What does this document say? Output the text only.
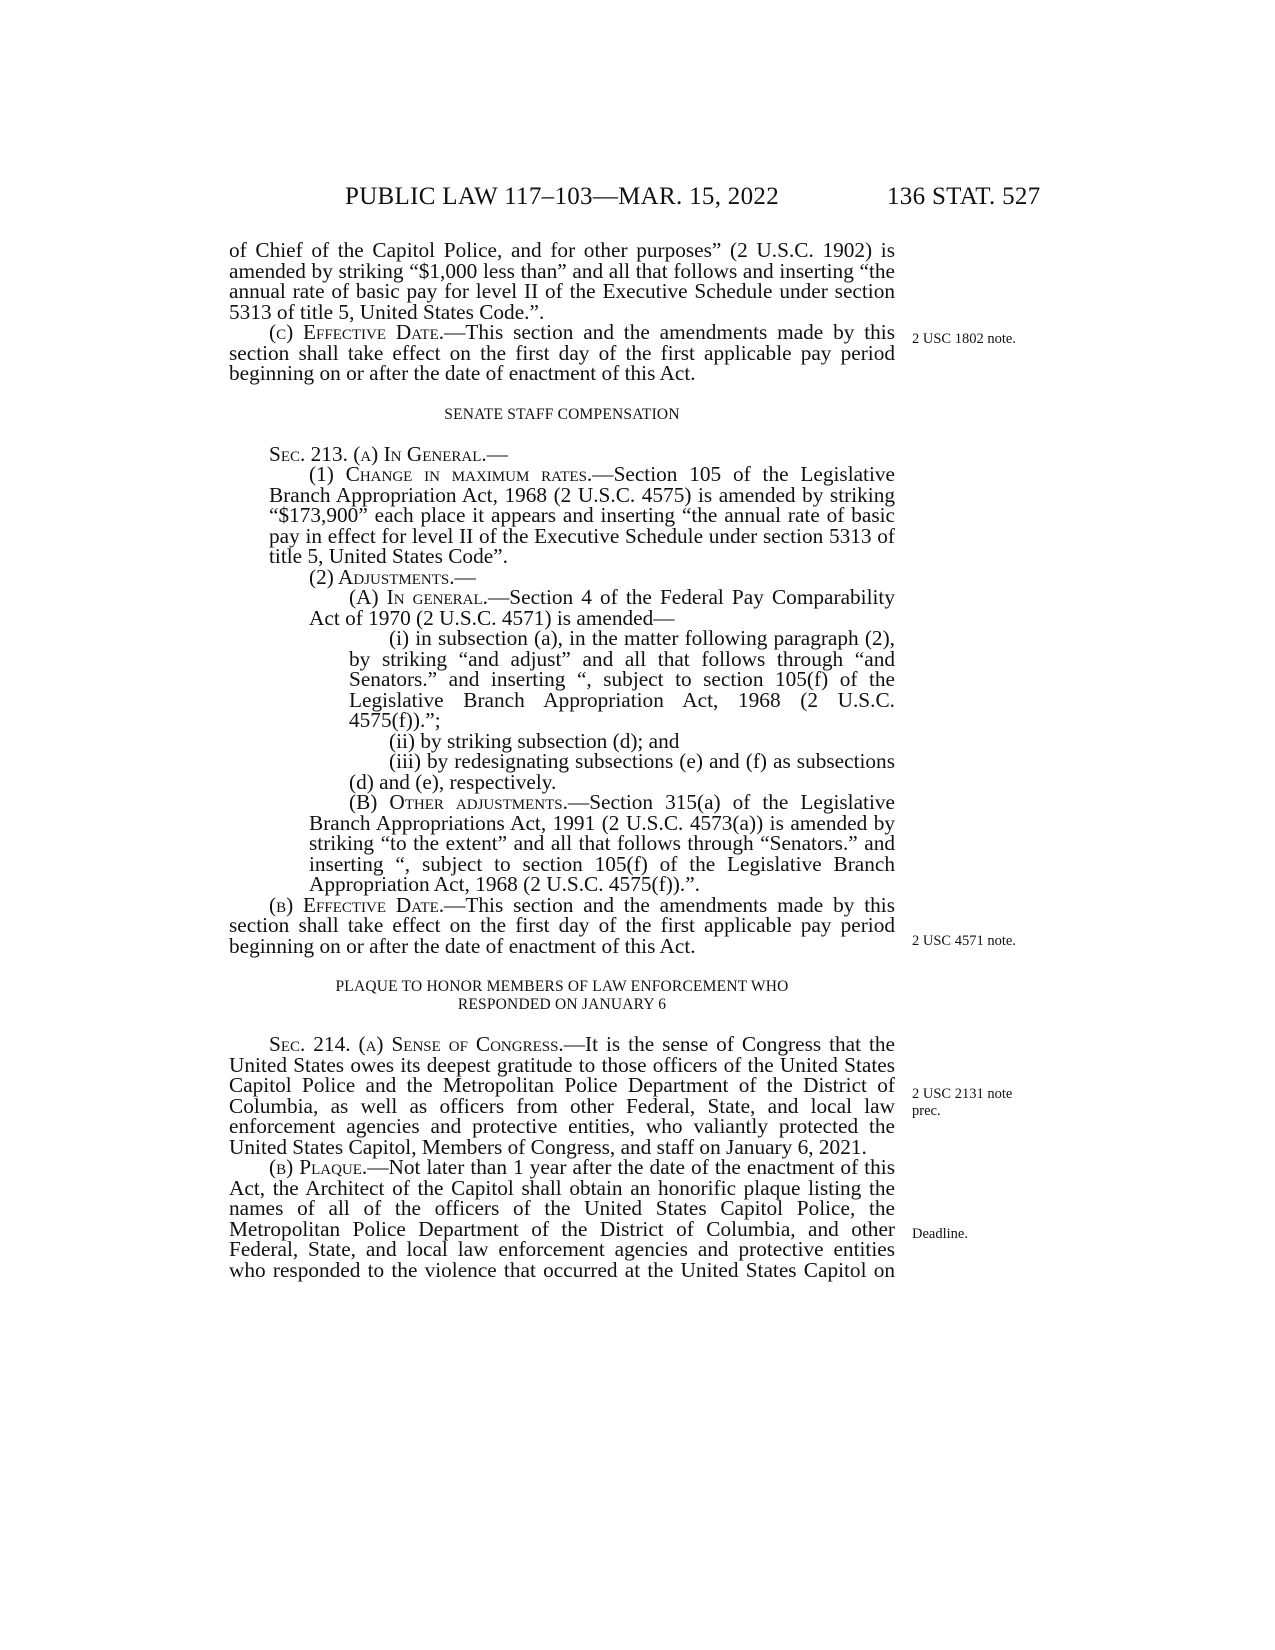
PUBLIC LAW 117–103—MAR. 15, 2022	136 STAT. 527

of Chief of the Capitol Police, and for other purposes” (2 U.S.C. 1902) is amended by striking “$1,000 less than” and all that follows and inserting “the annual rate of basic pay for level II of the Executive Schedule under section 5313 of title 5, United States Code.”.

(c) Effective Date.—This section and the amendments made by this section shall take effect on the first day of the first applicable pay period beginning on or after the date of enactment of this Act.

SENATE STAFF COMPENSATION

Sec. 213. (a) In General.—

(1) Change in maximum rates.—Section 105 of the Legislative Branch Appropriation Act, 1968 (2 U.S.C. 4575) is amended by striking “$173,900” each place it appears and inserting “the annual rate of basic pay in effect for level II of the Executive Schedule under section 5313 of title 5, United States Code”.

(2) Adjustments.—

(A) In general.—Section 4 of the Federal Pay Comparability Act of 1970 (2 U.S.C. 4571) is amended—

(i) in subsection (a), in the matter following paragraph (2), by striking “and adjust” and all that follows through “and Senators.” and inserting “, subject to section 105(f) of the Legislative Branch Appropriation Act, 1968 (2 U.S.C. 4575(f)).”;

(ii) by striking subsection (d); and

(iii) by redesignating subsections (e) and (f) as subsections (d) and (e), respectively.

(B) Other adjustments.—Section 315(a) of the Legislative Branch Appropriations Act, 1991 (2 U.S.C. 4573(a)) is amended by striking “to the extent” and all that follows through “Senators.” and inserting “, subject to section 105(f) of the Legislative Branch Appropriation Act, 1968 (2 U.S.C. 4575(f)).”.

(b) Effective Date.—This section and the amendments made by this section shall take effect on the first day of the first applicable pay period beginning on or after the date of enactment of this Act.

PLAQUE TO HONOR MEMBERS OF LAW ENFORCEMENT WHO
RESPONDED ON JANUARY 6

Sec. 214. (a) Sense of Congress.—It is the sense of Congress that the United States owes its deepest gratitude to those officers of the United States Capitol Police and the Metropolitan Police Department of the District of Columbia, as well as officers from other Federal, State, and local law enforcement agencies and protective entities, who valiantly protected the United States Capitol, Members of Congress, and staff on January 6, 2021.

(b) Plaque.—Not later than 1 year after the date of the enactment of this Act, the Architect of the Capitol shall obtain an honorific plaque listing the names of all of the officers of the United States Capitol Police, the Metropolitan Police Department of the District of Columbia, and other Federal, State, and local law enforcement agencies and protective entities who responded to the violence that occurred at the United States Capitol on

2 USC 1802 note.
2 USC 4571 note.
2 USC 2131 note
prec.
Deadline.
